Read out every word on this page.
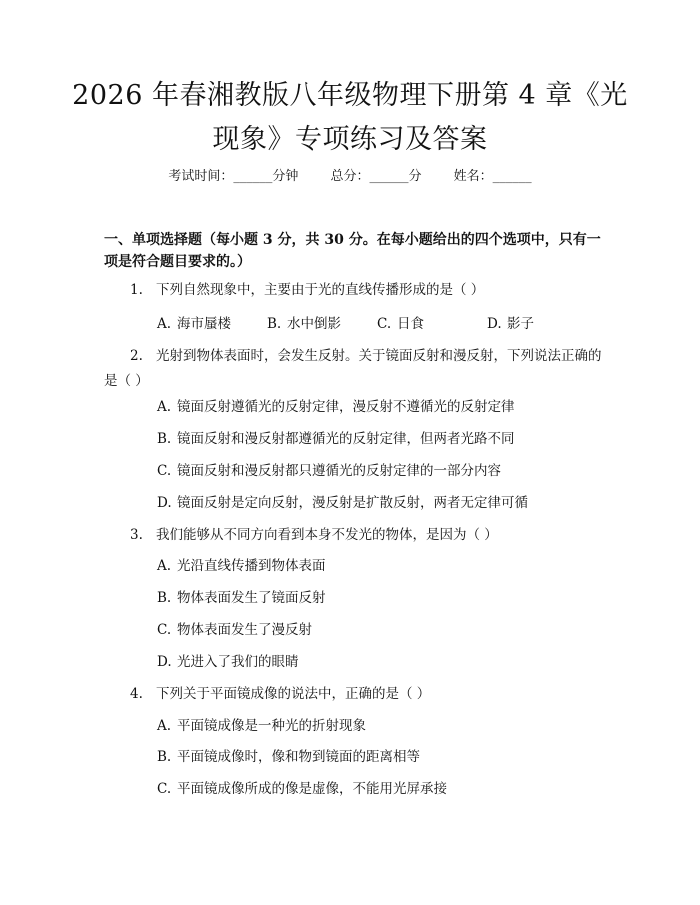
2026 年春湘教版八年级物理下册第 4 章《光
现象》专项练习及答案
考试时间：______分钟 总分：______分 姓名：______
一、单项选择题（每小题 3 分，共 30 分。在每小题给出的四个选项中，只有一项是符合题目要求的。）
1. 下列自然现象中，主要由于光的直线传播形成的是（ ）
A. 海市蜃楼	B. 水中倒影	C. 日食	D. 影子
2. 光射到物体表面时，会发生反射。关于镜面反射和漫反射，下列说法正确的是（ ）
A. 镜面反射遵循光的反射定律，漫反射不遵循光的反射定律
B. 镜面反射和漫反射都遵循光的反射定律，但两者光路不同
C. 镜面反射和漫反射都只遵循光的反射定律的一部分内容
D. 镜面反射是定向反射，漫反射是扩散反射，两者无定律可循
3. 我们能够从不同方向看到本身不发光的物体，是因为（ ）
A. 光沿直线传播到物体表面
B. 物体表面发生了镜面反射
C. 物体表面发生了漫反射
D. 光进入了我们的眼睛
4. 下列关于平面镜成像的说法中，正确的是（ ）
A. 平面镜成像是一种光的折射现象
B. 平面镜成像时，像和物到镜面的距离相等
C. 平面镜成像所成的像是虚像，不能用光屏承接
